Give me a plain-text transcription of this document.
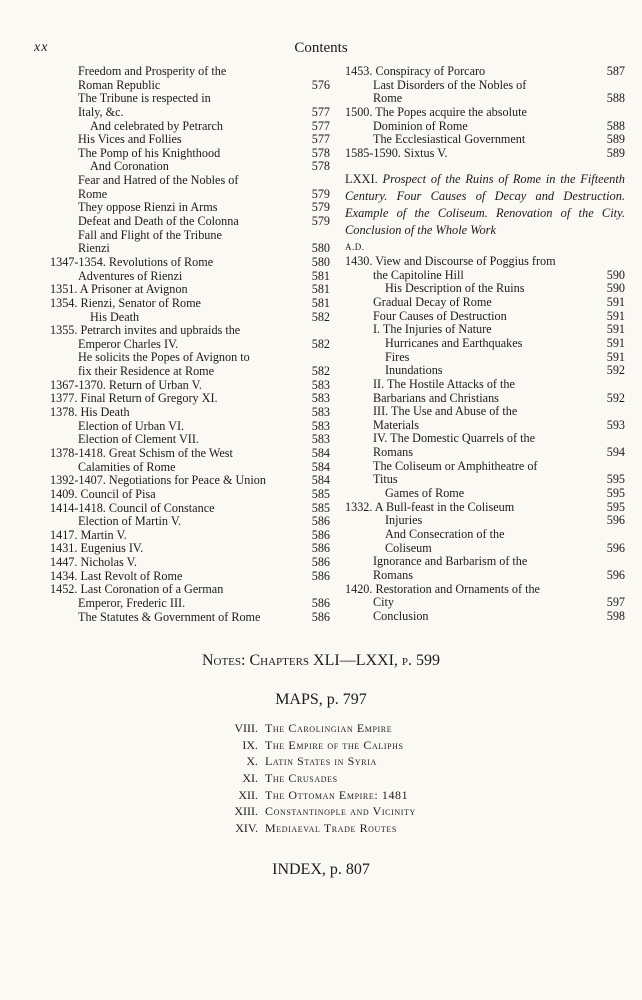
xx	Contents
Freedom and Prosperity of the
Roman Republic	576
The Tribune is respected in
Italy, &c.	577
And celebrated by Petrarch	577
His Vices and Follies	577
The Pomp of his Knighthood	578
And Coronation	578
Fear and Hatred of the Nobles of
Rome	579
They oppose Rienzi in Arms	579
Defeat and Death of the Colonna	579
Fall and Flight of the Tribune
Rienzi	580
1347-1354. Revolutions of Rome	580
Adventures of Rienzi	581
1351. A Prisoner at Avignon	581
1354. Rienzi, Senator of Rome	581
His Death	582
1355. Petrarch invites and upbraids the
Emperor Charles IV.	582
He solicits the Popes of Avignon to
fix their Residence at Rome	582
1367-1370. Return of Urban V.	583
1377. Final Return of Gregory XI.	583
1378. His Death	583
Election of Urban VI.	583
Election of Clement VII.	583
1378-1418. Great Schism of the West	584
Calamities of Rome	584
1392-1407. Negotiations for Peace & Union	584
1409. Council of Pisa	585
1414-1418. Council of Constance	585
Election of Martin V.	586
1417. Martin V.	586
1431. Eugenius IV.	586
1447. Nicholas V.	586
1434. Last Revolt of Rome	586
1452. Last Coronation of a German
Emperor, Frederic III.	586
The Statutes & Government of Rome	586
1453. Conspiracy of Porcaro	587
Last Disorders of the Nobles of
Rome	588
1500. The Popes acquire the absolute
Dominion of Rome	588
The Ecclesiastical Government	589
1585-1590. Sixtus V.	589
LXXI. Prospect of the Ruins of Rome in the Fifteenth Century. Four Causes of Decay and Destruction. Example of the Coliseum. Renovation of the City. Conclusion of the Whole Work
A.D.
1430. View and Discourse of Poggius from
the Capitoline Hill	590
His Description of the Ruins	590
Gradual Decay of Rome	591
Four Causes of Destruction	591
I. The Injuries of Nature	591
Hurricanes and Earthquakes	591
Fires	591
Inundations	592
II. The Hostile Attacks of the
Barbarians and Christians	592
III. The Use and Abuse of the
Materials	593
IV. The Domestic Quarrels of the
Romans	594
The Coliseum or Amphitheatre of
Titus	595
Games of Rome	595
1332. A Bull-feast in the Coliseum	595
Injuries	596
And Consecration of the
Coliseum	596
Ignorance and Barbarism of the
Romans	596
1420. Restoration and Ornaments of the
City	597
Conclusion	598
Notes: Chapters XLI—LXXI, p. 599
MAPS, p. 797
VIII. The Carolingian Empire
IX. The Empire of the Caliphs
X. Latin States in Syria
XI. The Crusades
XII. The Ottoman Empire: 1481
XIII. Constantinople and Vicinity
XIV. Mediaeval Trade Routes
INDEX, p. 807
